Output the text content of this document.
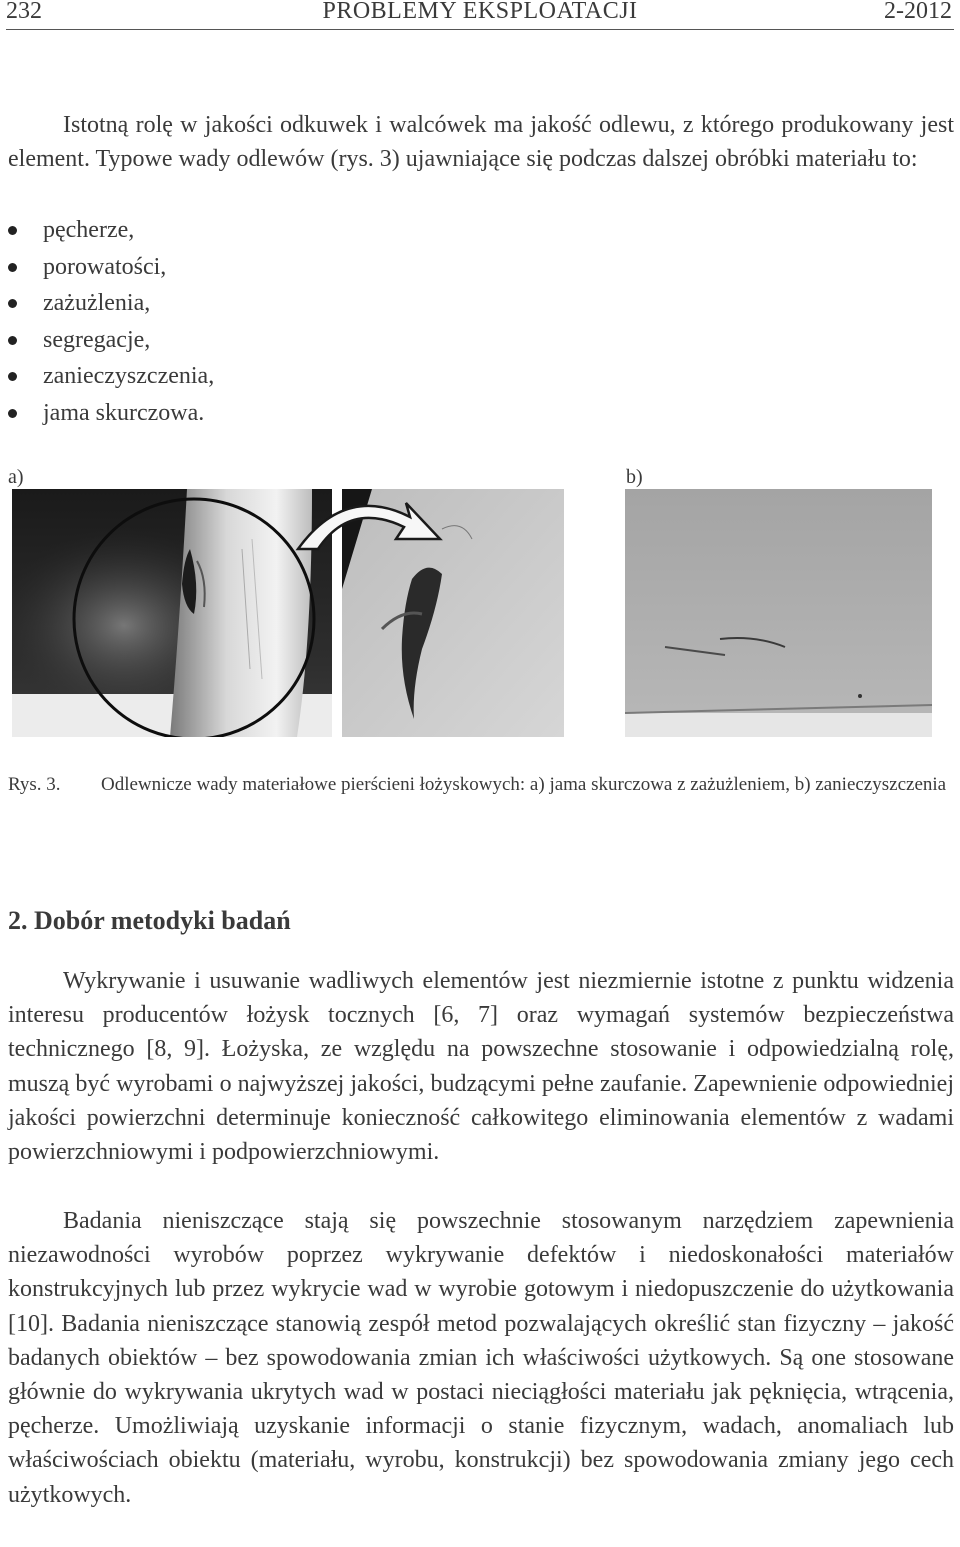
232	PROBLEMY EKSPLOATACJI	2-2012

Istotną rolę w jakości odkuwek i walcówek ma jakość odlewu, z którego produkowany jest element. Typowe wady odlewów (rys. 3) ujawniające się podczas dalszej obróbki materiału to:

pęcherze,
porowatości,
zażużlenia,
segregacje,
zanieczyszczenia,
jama skurczowa.
a)	b)
Rys. 3. Odlewnicze wady materiałowe pierścieni łożyskowych: a) jama skurczowa z zażużleniem, b) zanieczyszczenia
2. Dobór metodyki badań

Wykrywanie i usuwanie wadliwych elementów jest niezmiernie istotne z punktu widzenia interesu producentów łożysk tocznych [6, 7] oraz wymagań systemów bezpieczeństwa technicznego [8, 9]. Łożyska, ze względu na powszechne stosowanie i odpowiedzialną rolę, muszą być wyrobami o najwyższej jakości, budzącymi pełne zaufanie. Zapewnienie odpowiedniej jakości powierzchni determinuje konieczność całkowitego eliminowania elementów z wadami powierzchniowymi i podpowierzchniowymi.

Badania nieniszczące stają się powszechnie stosowanym narzędziem zapewnienia niezawodności wyrobów poprzez wykrywanie defektów i niedoskonałości materiałów konstrukcyjnych lub przez wykrycie wad w wyrobie gotowym i niedopuszczenie do użytkowania [10]. Badania nieniszczące stanowią zespół metod pozwalających określić stan fizyczny – jakość badanych obiektów – bez spowodowania zmian ich właściwości użytkowych. Są one stosowane głównie do wykrywania ukrytych wad w postaci nieciągłości materiału jak pęknięcia, wtrącenia, pęcherze. Umożliwiają uzyskanie informacji o stanie fizycznym, wadach, anomaliach lub właściwościach obiektu (materiału, wyrobu, konstrukcji) bez spowodowania zmiany jego cech użytkowych.
